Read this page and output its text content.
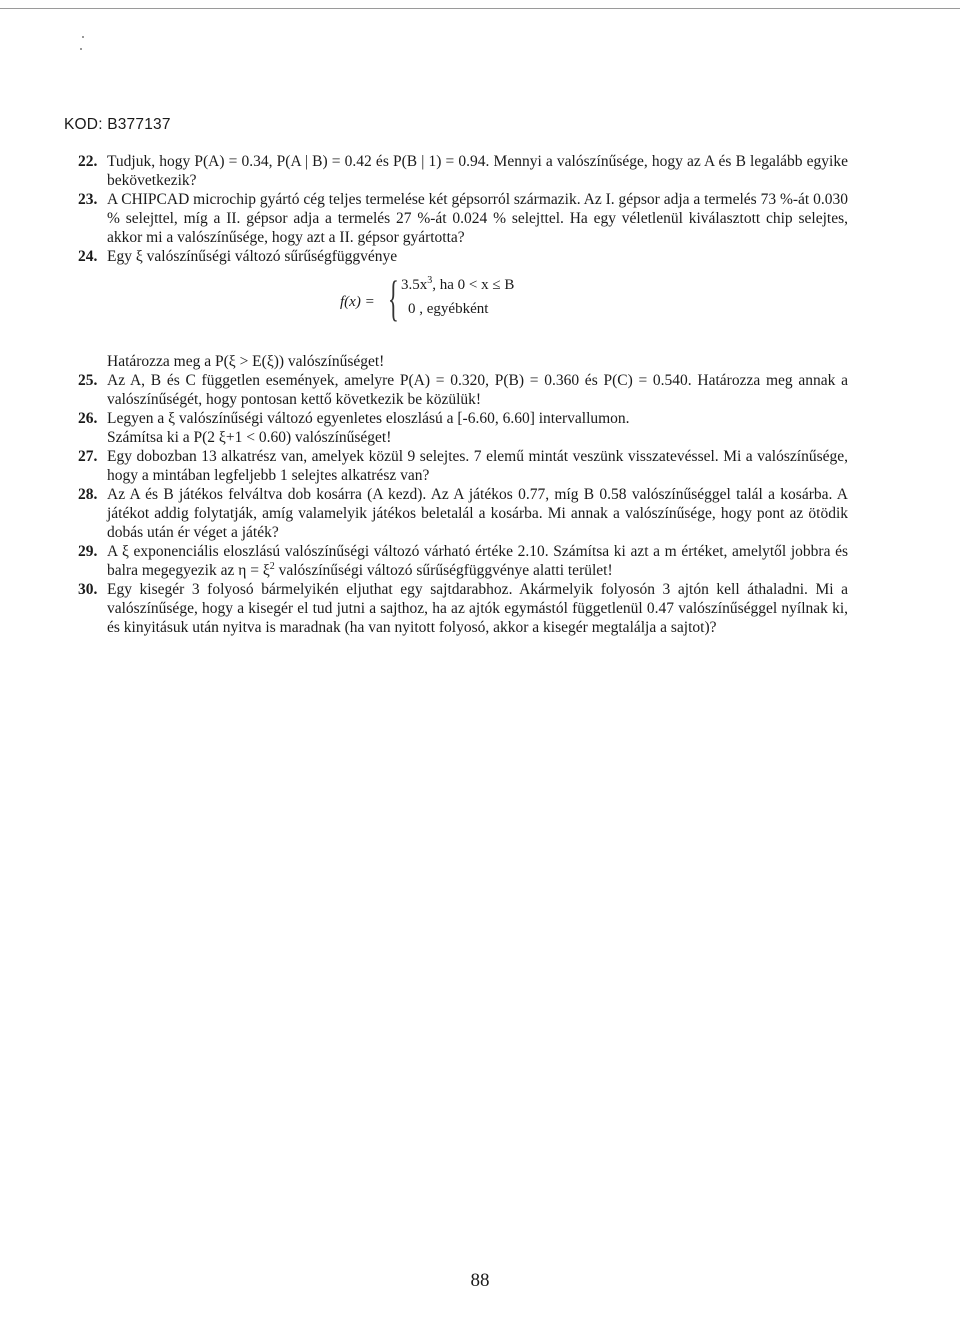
KOD: B377137
22. Tudjuk, hogy P(A) = 0.34, P(A | B) = 0.42 és P(B | 1) = 0.94. Mennyi a valószínűsége, hogy az A és B legalább egyike bekövetkezik?
23. A CHIPCAD microchip gyártó cég teljes termelése két gépsorról származik. Az I. gépsor adja a termelés 73 %-át 0.030 % selejttel, míg a II. gépsor adja a termelés 27 %-át 0.024 % selejttel. Ha egy véletlenül kiválasztott chip selejtes, akkor mi a valószínűsége, hogy azt a II. gépsor gyártotta?
24. Egy ξ valószínűségi változó sűrűségfüggvénye
f(x) = { $3.5x^3$, ha 0 < x ≤ B
0 , egyébként
Határozza meg a P(ξ > E(ξ)) valószínűséget!
25. Az A, B és C független események, amelyre P(A) = 0.320, P(B) = 0.360 és P(C) = 0.540. Határozza meg annak a valószínűségét, hogy pontosan kettő következik be közülük!
26. Legyen a ξ valószínűségi változó egyenletes eloszlású a [-6.60, 6.60] intervallumon.
Számítsa ki a P(2 ξ+1 < 0.60) valószínűséget!
27. Egy dobozban 13 alkatrész van, amelyek közül 9 selejtes. 7 elemű mintát veszünk visszatevéssel. Mi a valószínűsége, hogy a mintában legfeljebb 1 selejtes alkatrész van?
28. Az A és B játékos felváltva dob kosárra (A kezd). Az A játékos 0.77, míg B 0.58 valószínűséggel talál a kosárba. A játékot addig folytatják, amíg valamelyik játékos beletalál a kosárba. Mi annak a valószínűsége, hogy pont az ötödik dobás után ér véget a játék?
29. A ξ exponenciális eloszlású valószínűségi változó várható értéke 2.10. Számítsa ki azt a m értéket, amelytől jobbra és balra megegyezik az $\eta = \xi^2$ valószínűségi változó sűrűségfüggvénye alatti terület!
30. Egy kisegér 3 folyosó bármelyikén eljuthat egy sajtdarabhoz. Akármelyik folyosón 3 ajtón kell áthaladni. Mi a valószínűsége, hogy a kisegér el tud jutni a sajthoz, ha az ajtók egymástól függetlenül 0.47 valószínűséggel nyílnak ki, és kinyitásuk után nyitva is maradnak (ha van nyitott folyosó, akkor a kisegér megtalálja a sajtot)?
88
